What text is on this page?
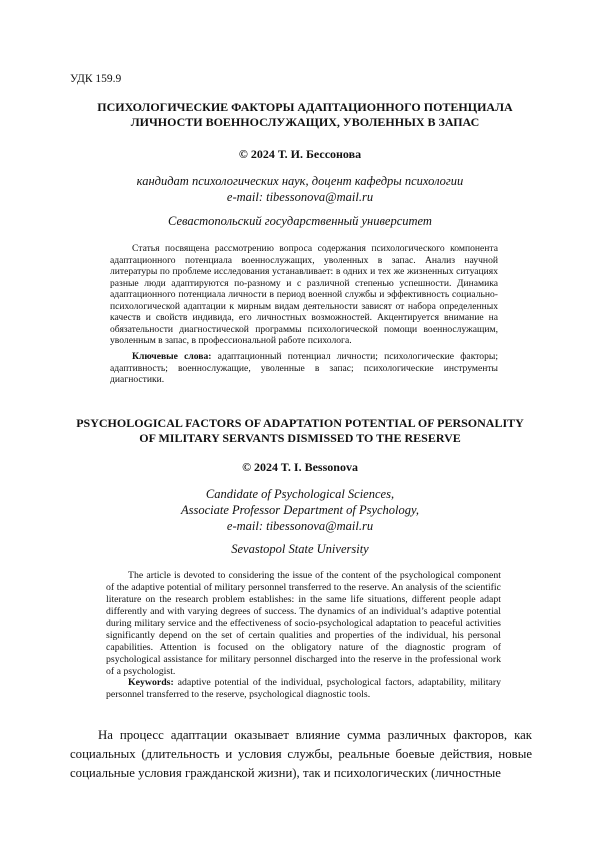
УДК 159.9
ПСИХОЛОГИЧЕСКИЕ ФАКТОРЫ АДАПТАЦИОННОГО ПОТЕНЦИАЛА
ЛИЧНОСТИ ВОЕННОСЛУЖАЩИХ, УВОЛЕННЫХ В ЗАПАС
© 2024 Т. И. Бессонова
кандидат психологических наук, доцент кафедры психологии
e-mail: tibessonova@mail.ru
Севастопольский государственный университет

Статья посвящена рассмотрению вопроса содержания психологического компонента адаптационного потенциала военнослужащих, уволенных в запас. Анализ научной литературы по проблеме исследования устанавливает: в одних и тех же жизненных ситуациях разные люди адаптируются по-разному и с различной степенью успешности. Динамика адаптационного потенциала личности в период военной службы и эффективность социально-психологической адаптации к мирным видам деятельности зависят от набора определенных качеств и свойств индивида, его личностных возможностей. Акцентируется внимание на обязательности диагностической программы психологической помощи военнослужащим, уволенным в запас, в профессиональной работе психолога.

Ключевые слова: адаптационный потенциал личности; психологические факторы; адаптивность; военнослужащие, уволенные в запас; психологические инструменты диагностики.

PSYCHOLOGICAL FACTORS OF ADAPTATION POTENTIAL OF PERSONALITY
OF MILITARY SERVANTS DISMISSED TO THE RESERVE
© 2024 T. I. Bessonova
Candidate of Psychological Sciences,
Associate Professor Department of Psychology,
e-mail: tibessonova@mail.ru
Sevastopol State University

The article is devoted to considering the issue of the content of the psychological component of the adaptive potential of military personnel transferred to the reserve. An analysis of the scientific literature on the research problem establishes: in the same life situations, different people adapt differently and with varying degrees of success. The dynamics of an individual’s adaptive potential during military service and the effectiveness of socio-psychological adaptation to peaceful activities significantly depend on the set of certain qualities and properties of the individual, his personal capabilities. Attention is focused on the obligatory nature of the diagnostic program of psychological assistance for military personnel discharged into the reserve in the professional work of a psychologist.

Keywords: adaptive potential of the individual, psychological factors, adaptability, military personnel transferred to the reserve, psychological diagnostic tools.

На процесс адаптации оказывает влияние сумма различных факторов, как социальных (длительность и условия службы, реальные боевые действия, новые социальные условия гражданской жизни), так и психологических (личностные
